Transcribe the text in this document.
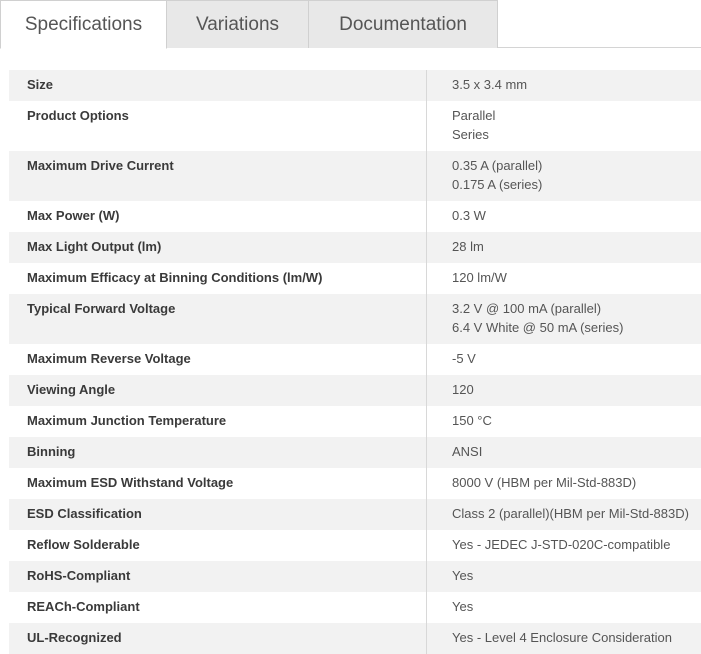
Specifications	Variations	Documentation
Size	3.5 x 3.4 mm
Product Options	Parallel
Series
Maximum Drive Current	0.35 A (parallel)
0.175 A (series)
Max Power (W)	0.3 W
Max Light Output (lm)	28 lm
Maximum Efficacy at Binning Conditions (lm/W)	120 lm/W
Typical Forward Voltage	3.2 V @ 100 mA (parallel)
6.4 V White @ 50 mA (series)
Maximum Reverse Voltage	-5 V
Viewing Angle	120
Maximum Junction Temperature	150 °C
Binning	ANSI
Maximum ESD Withstand Voltage	8000 V (HBM per Mil-Std-883D)
ESD Classification	Class 2 (parallel)(HBM per Mil-Std-883D)
Reflow Solderable	Yes - JEDEC J-STD-020C-compatible
RoHS-Compliant	Yes
REACh-Compliant	Yes
UL-Recognized	Yes - Level 4 Enclosure Consideration
